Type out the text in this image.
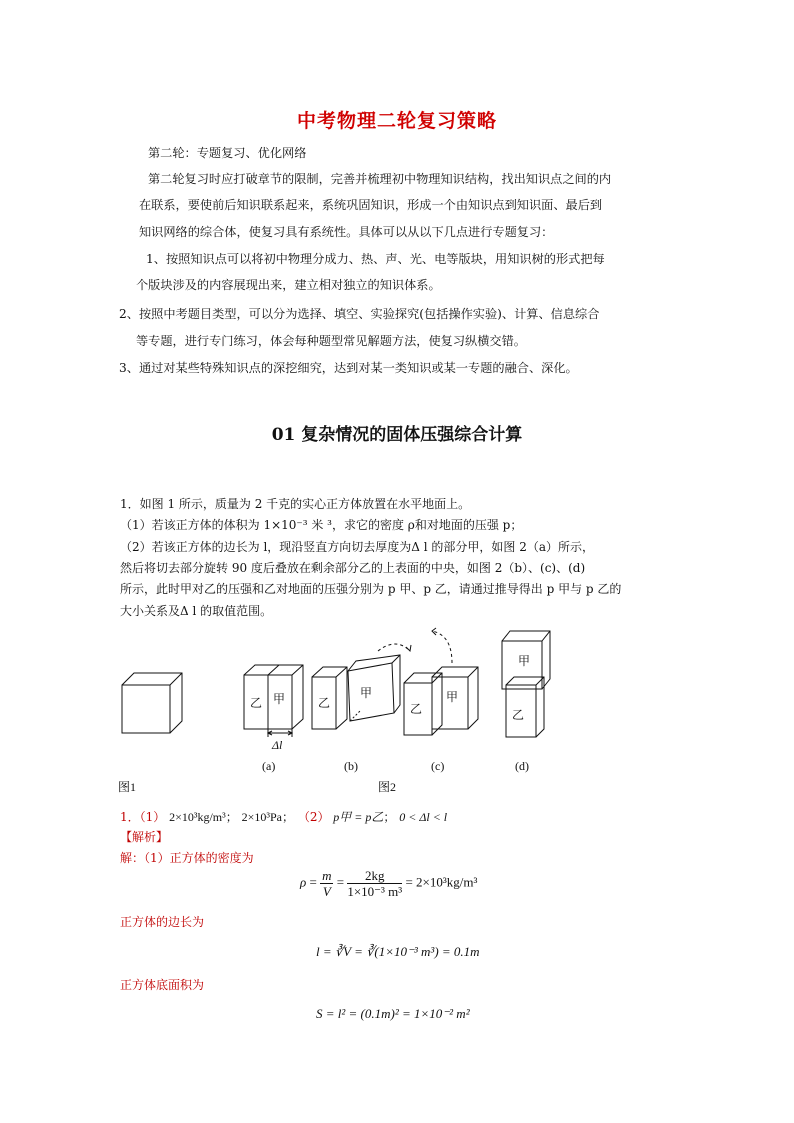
中考物理二轮复习策略
第二轮：专题复习、优化网络
第二轮复习时应打破章节的限制，完善并梳理初中物理知识结构，找出知识点之间的内
在联系，要使前后知识联系起来，系统巩固知识，形成一个由知识点到知识面、最后到
知识网络的综合体，使复习具有系统性。具体可以从以下几点进行专题复习：
1、按照知识点可以将初中物理分成力、热、声、光、电等版块，用知识树的形式把每
个版块涉及的内容展现出来，建立相对独立的知识体系。
2、按照中考题目类型，可以分为选择、填空、实验探究(包括操作实验)、计算、信息综合
等专题，进行专门练习，体会每种题型常见解题方法，使复习纵横交错。
3、通过对某些特殊知识点的深挖细究，达到对某一类知识或某一专题的融合、深化。
01 复杂情况的固体压强综合计算
1．如图 1 所示，质量为 2 千克的实心正方体放置在水平地面上。
（1）若该正方体的体积为 1×10⁻³ 米 ³，求它的密度 ρ和对地面的压强 p；
（2）若该正方体的边长为 l，现沿竖直方向切去厚度为Δ l 的部分甲，如图 2（a）所示，
然后将切去部分旋转 90 度后叠放在剩余部分乙的上表面的中央，如图 2（b）、(c)、(d)
所示，此时甲对乙的压强和乙对地面的压强分别为 p 甲、p 乙，请通过推导得出 p 甲与 p 乙的
大小关系及Δ l 的取值范围。
乙 甲	乙
甲
乙
甲
甲
乙
Δl
(a)	(b)	(c)	(d)
图1	图2
1．（1） 2×10³kg/m³； 2×10³Pa； （2） p甲 = p乙； 0 < Δl < l
【解析】
解：（1）正方体的密度为
$\rho = \frac{m}{V} = \frac{2kg}{\text{1×10⁻³ m³}} = 2\times 10^3kg/m^3$
正方体的边长为
l = ∛V = ∛(1×10⁻³ m³) = 0.1m
正方体底面积为
S = l² = (0.1m)² = 1×10⁻² m²
